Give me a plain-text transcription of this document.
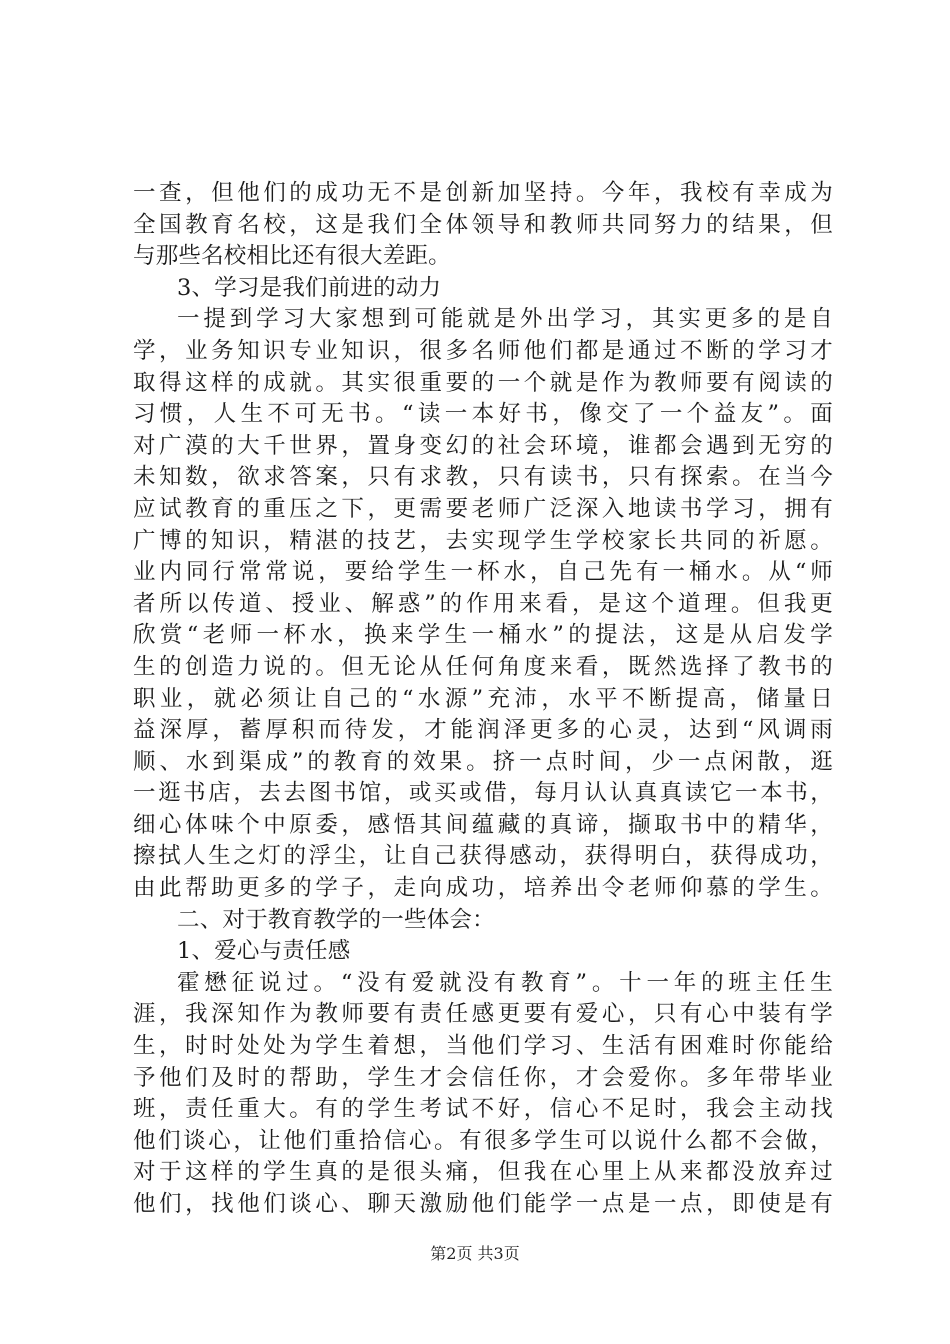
一查，但他们的成功无不是创新加坚持。今年，我校有幸成为
全国教育名校，这是我们全体领导和教师共同努力的结果，但
与那些名校相比还有很大差距。
3、学习是我们前进的动力
一提到学习大家想到可能就是外出学习，其实更多的是自
学，业务知识专业知识，很多名师他们都是通过不断的学习才
取得这样的成就。其实很重要的一个就是作为教师要有阅读的
习惯，人生不可无书。“读一本好书，像交了一个益友”。面
对广漠的大千世界，置身变幻的社会环境，谁都会遇到无穷的
未知数，欲求答案，只有求教，只有读书，只有探索。在当今
应试教育的重压之下，更需要老师广泛深入地读书学习，拥有
广博的知识，精湛的技艺，去实现学生学校家长共同的祈愿。
业内同行常常说，要给学生一杯水，自己先有一桶水。从“师
者所以传道、授业、解惑”的作用来看，是这个道理。但我更
欣赏“老师一杯水，换来学生一桶水”的提法，这是从启发学
生的创造力说的。但无论从任何角度来看，既然选择了教书的
职业，就必须让自己的“水源”充沛，水平不断提高，储量日
益深厚，蓄厚积而待发，才能润泽更多的心灵，达到“风调雨
顺、水到渠成”的教育的效果。挤一点时间，少一点闲散，逛
一逛书店，去去图书馆，或买或借，每月认认真真读它一本书，
细心体味个中原委，感悟其间蕴藏的真谛，撷取书中的精华，
擦拭人生之灯的浮尘，让自己获得感动，获得明白，获得成功，
由此帮助更多的学子，走向成功，培养出令老师仰慕的学生。
二、对于教育教学的一些体会：
1、爱心与责任感
霍懋征说过。“没有爱就没有教育”。十一年的班主任生
涯，我深知作为教师要有责任感更要有爱心，只有心中装有学
生，时时处处为学生着想，当他们学习、生活有困难时你能给
予他们及时的帮助，学生才会信任你，才会爱你。多年带毕业
班，责任重大。有的学生考试不好，信心不足时，我会主动找
他们谈心，让他们重拾信心。有很多学生可以说什么都不会做，
对于这样的学生真的是很头痛，但我在心里上从来都没放弃过
他们，找他们谈心、聊天激励他们能学一点是一点，即使是有
第2页 共3页
